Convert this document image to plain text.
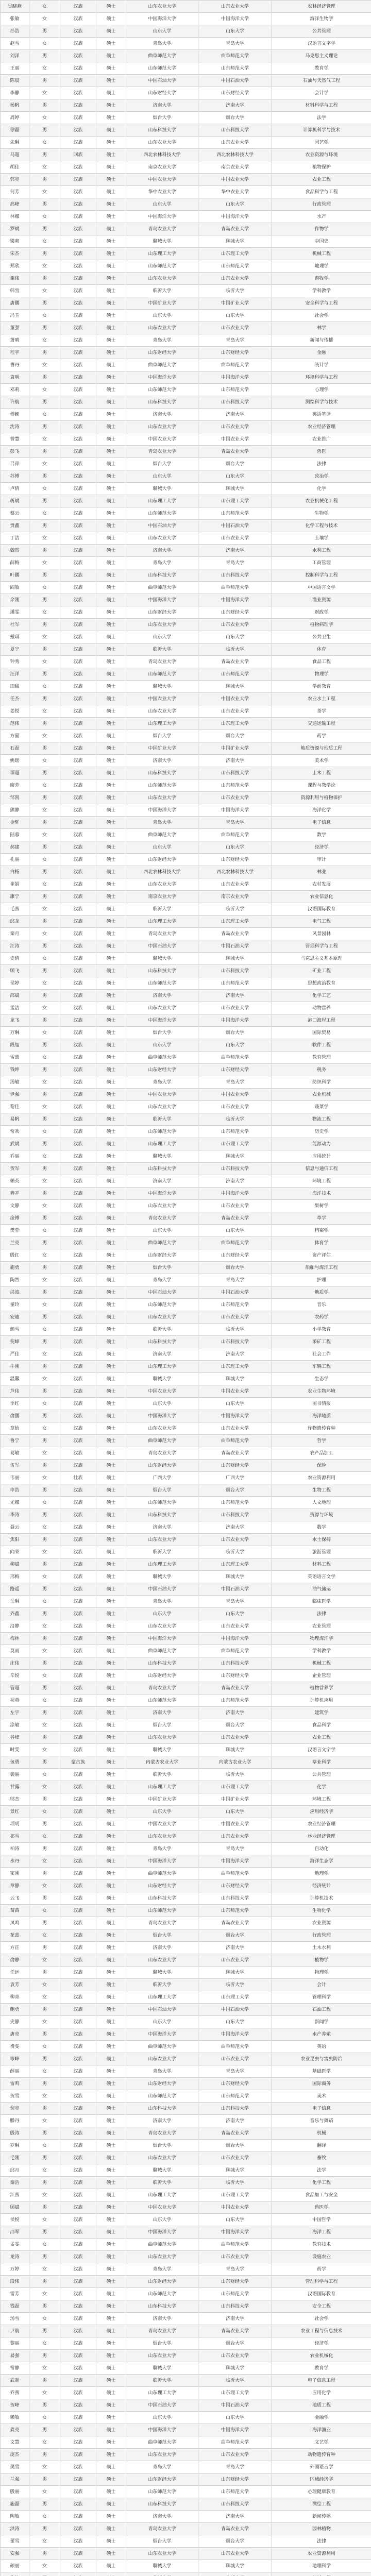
吴晓燕	女	汉族	硕士	山东农业大学	山东农业大学	农林经济管理
张敏	女	汉族	硕士	中国海洋大学	中国海洋大学	海洋生物学
孙浩	男	汉族	硕士	山东大学	山东大学	公共管理
赵雪	女	汉族	硕士	青岛大学	青岛大学	汉语言文字学
刘洋	男	汉族	硕士	曲阜师范大学	曲阜师范大学	马克思主义理论
王丽	女	汉族	硕士	山东师范大学	山东师范大学	教育学
陈晨	男	汉族	硕士	中国石油大学	中国石油大学	石油与天然气工程
李静	女	汉族	硕士	山东财经大学	山东财经大学	会计学
杨帆	男	汉族	硕士	济南大学	济南大学	材料科学与工程
周婷	女	汉族	硕士	烟台大学	烟台大学	法学
徐磊	男	汉族	硕士	山东科技大学	山东科技大学	计算机科学与技术
朱琳	女	汉族	硕士	山东农业大学	山东农业大学	园艺学
马超	男	回族	硕士	西北农林科技大学	西北农林科技大学	农业资源与环境
胡佳	女	汉族	硕士	南京农业大学	南京农业大学	植物保护
郭亮	男	汉族	硕士	中国农业大学	中国农业大学	农业工程
何芳	女	汉族	硕士	华中农业大学	华中农业大学	食品科学与工程
高峰	男	汉族	硕士	山东大学	山东大学	行政管理
林娜	女	汉族	硕士	中国海洋大学	中国海洋大学	水产
罗斌	男	汉族	硕士	青岛农业大学	青岛农业大学	作物学
梁爽	女	汉族	硕士	聊城大学	聊城大学	中国史
宋杰	男	汉族	硕士	山东理工大学	山东理工大学	机械工程
郑欣	女	汉族	硕士	山东师范大学	山东师范大学	地理学
谢伟	男	汉族	硕士	山东农业大学	山东农业大学	畜牧学
韩雪	女	汉族	硕士	临沂大学	临沂大学	学科教学
唐鹏	男	汉族	硕士	中国矿业大学	中国矿业大学	安全科学与工程
冯玉	女	汉族	硕士	山东大学	山东大学	社会学
董强	男	汉族	硕士	山东农业大学	山东农业大学	林学
萧晴	女	汉族	硕士	青岛大学	青岛大学	新闻与传播
程宇	男	汉族	硕士	山东财经大学	山东财经大学	金融
曹丹	女	汉族	硕士	曲阜师范大学	曲阜师范大学	统计学
袁明	男	汉族	硕士	中国海洋大学	中国海洋大学	环境科学与工程
邓莉	女	汉族	硕士	山东师范大学	山东师范大学	心理学
许航	男	汉族	硕士	山东科技大学	山东科技大学	测绘科学与技术
傅颖	女	汉族	硕士	济南大学	济南大学	英语笔译
沈涛	男	汉族	硕士	山东农业大学	山东农业大学	农业经济管理
曾慧	女	汉族	硕士	中国农业大学	中国农业大学	农业推广
彭飞	男	汉族	硕士	青岛农业大学	青岛农业大学	兽医
吕萍	女	汉族	硕士	烟台大学	烟台大学	法律
苏博	男	汉族	硕士	山东大学	山东大学	政治学
卢倩	女	汉族	硕士	聊城大学	聊城大学	化学
蒋斌	男	汉族	硕士	山东理工大学	山东理工大学	农业机械化工程
蔡云	女	汉族	硕士	山东师范大学	山东师范大学	生物学
贾鑫	男	汉族	硕士	中国石油大学	中国石油大学	化学工程与技术
丁洁	女	汉族	硕士	山东农业大学	山东农业大学	土壤学
魏然	男	汉族	硕士	济南大学	济南大学	水利工程
薛梅	女	汉族	硕士	青岛大学	青岛大学	工商管理
叶鹏	男	汉族	硕士	山东科技大学	山东科技大学	控制科学与工程
阎敏	女	汉族	硕士	曲阜师范大学	曲阜师范大学	中国语言文学
余刚	男	汉族	硕士	中国海洋大学	中国海洋大学	渔业资源
潘雯	女	汉族	硕士	山东财经大学	山东财经大学	财政学
杜军	男	汉族	硕士	山东农业大学	山东农业大学	植物病理学
戴琪	女	汉族	硕士	山东大学	山东大学	公共卫生
夏宁	男	汉族	硕士	临沂大学	临沂大学	体育
钟秀	女	汉族	硕士	青岛农业大学	青岛农业大学	食品工程
汪洋	男	汉族	硕士	山东师范大学	山东师范大学	物理学
田甜	女	汉族	硕士	聊城大学	聊城大学	学前教育
任杰	男	汉族	硕士	中国农业大学	中国农业大学	农业水土工程
姜悦	女	汉族	硕士	山东农业大学	山东农业大学	茶学
范伟	男	汉族	硕士	山东理工大学	山东理工大学	交通运输工程
方圆	女	汉族	硕士	烟台大学	烟台大学	药学
石磊	男	汉族	硕士	中国矿业大学	中国矿业大学	地质资源与地质工程
姚瑶	女	汉族	硕士	济南大学	济南大学	美术学
谭超	男	汉族	硕士	山东科技大学	山东科技大学	土木工程
廖芳	女	汉族	硕士	山东师范大学	山东师范大学	课程与教学论
邹凯	男	汉族	硕士	山东农业大学	山东农业大学	资源利用与植物保护
熊静	女	汉族	硕士	中国海洋大学	中国海洋大学	海洋化学
金辉	男	汉族	硕士	青岛大学	青岛大学	电子信息
陆蓉	女	汉族	硕士	曲阜师范大学	曲阜师范大学	数学
郝建	男	汉族	硕士	山东大学	山东大学	经济学
孔丽	女	汉族	硕士	山东财经大学	山东财经大学	审计
白杨	男	汉族	硕士	西北农林科技大学	西北农林科技大学	林业
崔娟	女	汉族	硕士	山东农业大学	山东农业大学	农村发展
康宁	男	汉族	硕士	南京农业大学	南京农业大学	农业信息化
毛燕	女	汉族	硕士	临沂大学	临沂大学	汉语国际教育
邱龙	男	汉族	硕士	山东理工大学	山东理工大学	电气工程
秦月	女	汉族	硕士	青岛农业大学	青岛农业大学	风景园林
江涛	男	汉族	硕士	中国石油大学	中国石油大学	管理科学与工程
史倩	女	汉族	硕士	聊城大学	聊城大学	马克思主义基本原理
顾飞	男	汉族	硕士	山东科技大学	山东科技大学	矿业工程
侯婷	女	汉族	硕士	山东师范大学	山东师范大学	思想政治教育
邵斌	男	汉族	硕士	济南大学	济南大学	化学工艺
孟洁	女	汉族	硕士	山东农业大学	山东农业大学	动物营养
龙飞	男	汉族	硕士	中国海洋大学	中国海洋大学	港口海岸工程
万琳	女	汉族	硕士	烟台大学	烟台大学	国际贸易
段旭	男	汉族	硕士	山东大学	山东大学	软件工程
雷蕾	女	汉族	硕士	曲阜师范大学	曲阜师范大学	教育管理
钱坤	男	汉族	硕士	山东财经大学	山东财经大学	税务
汤敏	女	汉族	硕士	青岛大学	青岛大学	纺织科学
尹强	男	汉族	硕士	中国农业大学	中国农业大学	农业机械
黎佳	女	汉族	硕士	山东农业大学	山东农业大学	蔬菜学
易帆	男	汉族	硕士	临沂大学	临沂大学	物流工程
常欢	女	汉族	硕士	山东师范大学	山东师范大学	历史学
武斌	男	汉族	硕士	山东理工大学	山东理工大学	能源动力
乔丽	女	汉族	硕士	聊城大学	聊城大学	应用统计
贺军	男	汉族	硕士	山东科技大学	山东科技大学	信息与通信工程
赖英	女	汉族	硕士	济南大学	济南大学	环境工程
龚平	男	汉族	硕士	中国海洋大学	中国海洋大学	海洋技术
文静	女	汉族	硕士	山东农业大学	山东农业大学	果树学
庞博	男	汉族	硕士	青岛农业大学	青岛农业大学	草学
樊蓉	女	汉族	硕士	山东大学	山东大学	档案学
兰亮	男	汉族	硕士	曲阜师范大学	曲阜师范大学	体育学
殷红	女	汉族	硕士	山东财经大学	山东财经大学	资产评估
施勇	男	汉族	硕士	烟台大学	烟台大学	船舶与海洋工程
陶然	女	汉族	硕士	青岛大学	青岛大学	护理
洪波	男	汉族	硕士	中国石油大学	中国石油大学	地质学
翟玲	女	汉族	硕士	山东师范大学	山东师范大学	音乐
安迪	男	汉族	硕士	山东农业大学	山东农业大学	农药学
颜雪	女	汉族	硕士	临沂大学	临沂大学	小学教育
倪峰	男	汉族	硕士	山东科技大学	山东科技大学	采矿工程
严佳	女	汉族	硕士	济南大学	济南大学	社会工作
牛刚	男	汉族	硕士	山东理工大学	山东理工大学	车辆工程
温馨	女	汉族	硕士	聊城大学	聊城大学	生态学
芦伟	男	汉族	硕士	中国农业大学	中国农业大学	农业生物环境
季红	女	汉族	硕士	山东大学	山东大学	图书情报
俞鹏	男	汉族	硕士	中国海洋大学	中国海洋大学	海洋地质
章怡	女	汉族	硕士	山东农业大学	山东农业大学	作物遗传育种
鲁宁	男	汉族	硕士	曲阜师范大学	曲阜师范大学	哲学
葛敏	女	汉族	硕士	青岛农业大学	青岛农业大学	农产品加工
伍军	男	汉族	硕士	山东财经大学	山东财经大学	保险
韦丽	女	壮族	硕士	广西大学	广西大学	农业资源利用
申浩	男	汉族	硕士	烟台大学	烟台大学	生物工程
尤娜	女	汉族	硕士	山东师范大学	山东师范大学	人文地理
毕涛	男	汉族	硕士	山东科技大学	山东科技大学	资源与环境
聂云	女	汉族	硕士	济南大学	济南大学	数学
焦阳	男	汉族	硕士	山东农业大学	山东农业大学	水土保持
向荣	女	汉族	硕士	临沂大学	临沂大学	旅游管理
柳斌	男	汉族	硕士	山东理工大学	山东理工大学	材料工程
邢梅	女	汉族	硕士	聊城大学	聊城大学	英语语言文学
路遥	男	汉族	硕士	中国石油大学	中国石油大学	油气储运
岳琳	女	汉族	硕士	青岛大学	青岛大学	临床医学
齐鑫	男	汉族	硕士	山东大学	山东大学	法律
沿静	女	汉族	硕士	山东农业大学	山东农业大学	农业管理
梅林	男	汉族	硕士	中国海洋大学	中国海洋大学	物理海洋学
莫雨	女	汉族	硕士	曲阜师范大学	曲阜师范大学	学科教学
庄伟	男	汉族	硕士	山东科技大学	山东科技大学	机械工程
辛悦	女	汉族	硕士	山东财经大学	山东财经大学	企业管理
管超	男	汉族	硕士	青岛农业大学	青岛农业大学	植物营养学
祝英	女	汉族	硕士	山东师范大学	山东师范大学	计算机应用
左宇	男	汉族	硕士	济南大学	济南大学	建筑学
涂敏	女	汉族	硕士	烟台大学	烟台大学	食品科学
谷峰	男	汉族	硕士	山东农业大学	山东农业大学	农业工程
时雯	女	汉族	硕士	聊城大学	聊城大学	汉语言文字学
包勇	男	蒙古族	硕士	内蒙古农业大学	内蒙古农业大学	草业科学
裴丽	女	汉族	硕士	临沂大学	临沂大学	公共管理
甘露	女	汉族	硕士	山东理工大学	山东理工大学	化学
邬杰	男	汉族	硕士	中国矿业大学	中国矿业大学	环境工程
景红	女	汉族	硕士	山东大学	山东大学	应用经济学
项明	男	汉族	硕士	中国农业大学	中国农业大学	农业经济管理
祁雪	女	汉族	硕士	山东农业大学	山东农业大学	林业经济管理
柏涛	男	汉族	硕士	青岛大学	青岛大学	自动化
水丹	女	汉族	硕士	中国海洋大学	中国海洋大学	海洋生态学
窦刚	男	汉族	硕士	曲阜师范大学	曲阜师范大学	地理学
章静	女	汉族	硕士	山东财经大学	山东财经大学	经济统计
云飞	男	汉族	硕士	山东科技大学	山东科技大学	计算机技术
苗苗	女	汉族	硕士	山东师范大学	山东师范大学	生物化学
凤鸣	男	汉族	硕士	青岛农业大学	青岛农业大学	农业资源
花蕊	女	汉族	硕士	烟台大学	烟台大学	行政管理
方正	男	汉族	硕士	济南大学	济南大学	土木水利
俞静	女	汉族	硕士	山东农业大学	山东农业大学	植物学
任远	男	汉族	硕士	聊城大学	聊城大学	物理学
袁芳	女	汉族	硕士	临沂大学	临沂大学	会计
柳青	女	汉族	硕士	山东理工大学	山东理工大学	管理科学
鲍勇	男	汉族	硕士	中国石油大学	中国石油大学	石油工程
史静	女	汉族	硕士	山东大学	山东大学	新闻学
唐亮	男	汉族	硕士	中国海洋大学	中国海洋大学	水产养殖
费雯	女	汉族	硕士	曲阜师范大学	曲阜师范大学	英语
岑峰	男	汉族	硕士	山东农业大学	山东农业大学	农业昆虫与害虫防治
薛丽	女	汉族	硕士	青岛大学	青岛大学	基础医学
雷鸣	男	汉族	硕士	山东财经大学	山东财经大学	国际商务
贺雪	女	汉族	硕士	山东师范大学	山东师范大学	美术
倪亮	男	汉族	硕士	山东科技大学	山东科技大学	电子信息
滕丹	女	汉族	硕士	济南大学	济南大学	音乐与舞蹈
殷涛	男	汉族	硕士	青岛农业大学	青岛农业大学	机械
罗琳	女	汉族	硕士	烟台大学	烟台大学	翻译
毛刚	男	汉族	硕士	山东农业大学	山东农业大学	畜牧
邱月	女	汉族	硕士	聊城大学	聊城大学	法学
秦浩	男	汉族	硕士	临沂大学	临沂大学	化学工程
江燕	女	汉族	硕士	山东理工大学	山东理工大学	食品加工与安全
顾斌	男	汉族	硕士	中国农业大学	中国农业大学	兽医学
侯悦	女	汉族	硕士	山东大学	山东大学	中国哲学
邵军	男	汉族	硕士	中国海洋大学	中国海洋大学	海洋工程
孟雯	女	汉族	硕士	曲阜师范大学	曲阜师范大学	教育技术
龙涛	男	汉族	硕士	山东农业大学	山东农业大学	设施农业
万婷	女	汉族	硕士	青岛大学	青岛大学	药学
段伟	男	汉族	硕士	山东财经大学	山东财经大学	管理科学与工程
雷芳	女	汉族	硕士	山东师范大学	山东师范大学	汉语国际教育
钱磊	男	汉族	硕士	山东科技大学	山东科技大学	安全工程
汤雪	女	汉族	硕士	济南大学	济南大学	社会学
尹航	男	汉族	硕士	青岛农业大学	青岛农业大学	农业工程与信息技术
黎丽	女	汉族	硕士	烟台大学	烟台大学	经济学
易强	男	汉族	硕士	山东农业大学	山东农业大学	农业机械化
常静	女	汉族	硕士	聊城大学	聊城大学	教育学
武超	男	汉族	硕士	临沂大学	临沂大学	电子信息工程
乔燕	女	汉族	硕士	山东理工大学	山东理工大学	应用化学
贺峰	男	汉族	硕士	中国石油大学	中国石油大学	地质工程
赖敏	女	汉族	硕士	山东大学	山东大学	金融学
龚亮	男	汉族	硕士	中国海洋大学	中国海洋大学	海洋渔业
文慧	女	汉族	硕士	曲阜师范大学	曲阜师范大学	文艺学
庞杰	男	汉族	硕士	山东农业大学	山东农业大学	动物遗传育种
樊雪	女	汉族	硕士	青岛大学	青岛大学	外国语言学
兰强	男	汉族	硕士	山东财经大学	山东财经大学	区域经济学
殷丽	女	汉族	硕士	山东师范大学	山东师范大学	心理健康教育
施磊	男	汉族	硕士	山东科技大学	山东科技大学	测绘工程
陶敏	女	汉族	硕士	济南大学	济南大学	新闻传播
洪涛	男	汉族	硕士	青岛农业大学	青岛农业大学	园林植物
翟雪	女	汉族	硕士	烟台大学	烟台大学	法律
安强	男	汉族	硕士	山东农业大学	山东农业大学	农业资源利用
颜丽	女	汉族	硕士	聊城大学	聊城大学	地理科学
